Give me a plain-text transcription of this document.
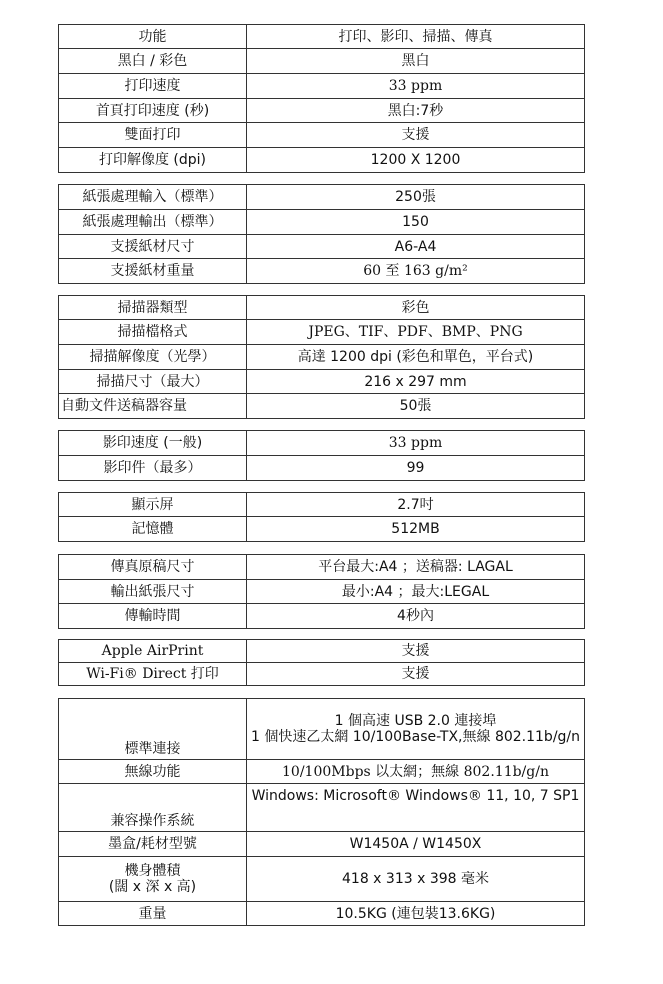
功能	打印、影印、掃描、傳真
黑白 / 彩色	黑白
打印速度	33 ppm
首頁打印速度 (秒)	黑白:7秒
雙面打印	支援
打印解像度 (dpi)	1200 X 1200
紙張處理輸入（標準）	250張
紙張處理輸出（標準）	150
支援紙材尺寸	A6-A4
支援紙材重量	60 至 163 g/m²
掃描器類型	彩色
掃描檔格式	JPEG、TIF、PDF、BMP、PNG
掃描解像度（光學）	高達 1200 dpi (彩色和單色，平台式)
掃描尺寸（最大）	216 x 297 mm
自動文件送稿器容量	50張
影印速度 (一般)	33 ppm
影印件（最多）	99
顯示屏	2.7吋
記憶體	512MB
傳真原稿尺寸	平台最大:A4 ；送稿器: LAGAL
輸出紙張尺寸	最小:A4 ；最大:LEGAL
傳輸時間	4秒內
Apple AirPrint	支援
Wi-Fi® Direct 打印	支援
標準連接	1 個高速 USB 2.0 連接埠
1 個快速乙太網 10/100Base-TX,無線 802.11b/g/n

無線功能	10/100Mbps 以太網；無線 802.11b/g/n
兼容操作系統	Windows: Microsoft® Windows® 11, 10, 7 SP1
墨盒/耗材型號	W1450A / W1450X

機身體積
(闊 x 深 x 高)	418 x 313 x 398 毫米
重量	10.5KG (連包裝13.6KG)
